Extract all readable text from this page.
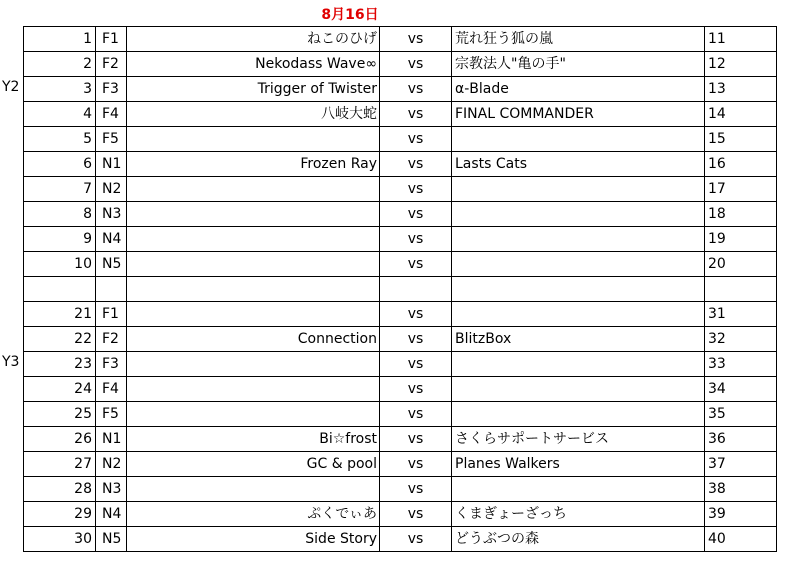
8月16日
Y2
Y3
1	F1	ねこのひげ	vs	荒れ狂う狐の嵐	11
2	F2	Nekodass Wave∞	vs	宗教法人"亀の手"	12
3	F3	Trigger of Twister	vs	α-Blade	13
4	F4	八岐大蛇	vs	FINAL COMMANDER	14
5	F5		vs		15
6	N1	Frozen Ray	vs	Lasts Cats	16
7	N2		vs		17
8	N3		vs		18
9	N4		vs		19
10	N5		vs		20

21	F1		vs		31
22	F2	Connection	vs	BlitzBox	32
23	F3		vs		33
24	F4		vs		34
25	F5		vs		35
26	N1	Bi☆frost	vs	さくらサポートサービス	36
27	N2	GC & pool	vs	Planes Walkers	37
28	N3		vs		38
29	N4	ぷくでぃあ	vs	くまぎょーざっち	39
30	N5	Side Story	vs	どうぶつの森	40
